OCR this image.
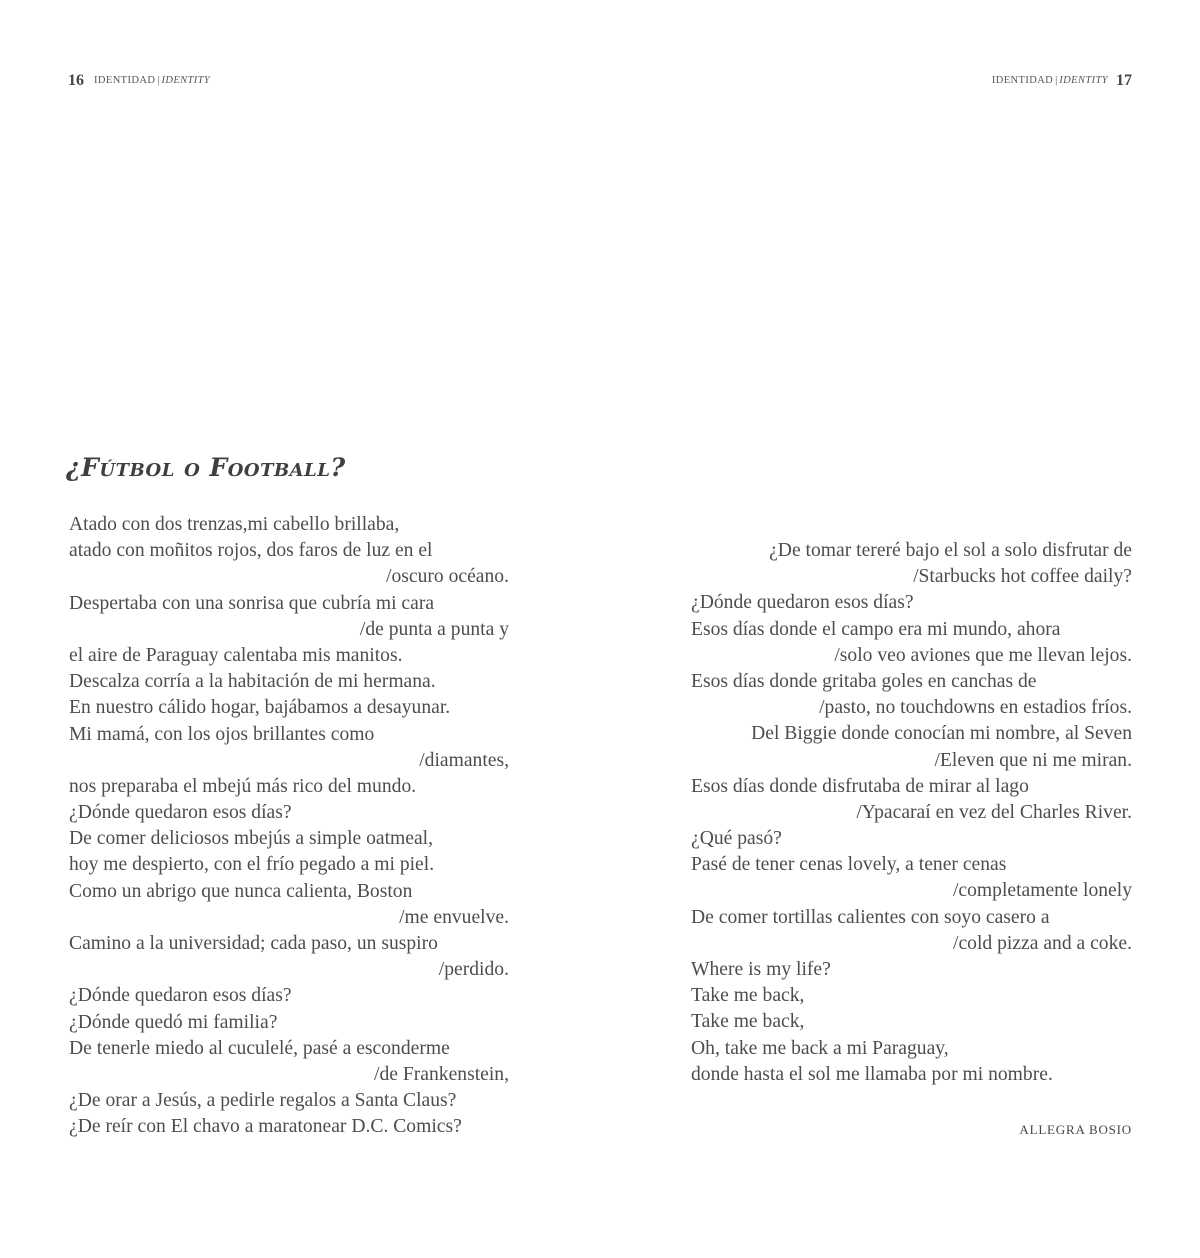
16 IDENTIDAD | IDENTITY
¿Fútbol o Football?
Atado con dos trenzas,mi cabello brillaba,
atado con moñitos rojos, dos faros de luz en el
/oscuro océano.
Despertaba con una sonrisa que cubría mi cara
/de punta a punta y
el aire de Paraguay calentaba mis manitos.
Descalza corría a la habitación de mi hermana.
En nuestro cálido hogar, bajábamos a desayunar.
Mi mamá, con los ojos brillantes como
/diamantes,
nos preparaba el mbejú más rico del mundo.
¿Dónde quedaron esos días?
De comer deliciosos mbejús a simple oatmeal,
hoy me despierto, con el frío pegado a mi piel.
Como un abrigo que nunca calienta, Boston
/me envuelve.
Camino a la universidad; cada paso, un suspiro
/perdido.
¿Dónde quedaron esos días?
¿Dónde quedó mi familia?
De tenerle miedo al cuculelé, pasé a esconderme
/de Frankenstein,
¿De orar a Jesús, a pedirle regalos a Santa Claus?
¿De reír con El chavo a maratonear D.C. Comics?
IDENTIDAD | IDENTITY 17
¿De tomar tereré bajo el sol a solo disfrutar de
/Starbucks hot coffee daily?
¿Dónde quedaron esos días?
Esos días donde el campo era mi mundo, ahora
/solo veo aviones que me llevan lejos.
Esos días donde gritaba goles en canchas de
/pasto, no touchdowns en estadios fríos.
Del Biggie donde conocían mi nombre, al Seven
/Eleven que ni me miran.
Esos días donde disfrutaba de mirar al lago
/Ypacaraí en vez del Charles River.
¿Qué pasó?
Pasé de tener cenas lovely, a tener cenas
/completamente lonely
De comer tortillas calientes con soyo casero a
/cold pizza and a coke.
Where is my life?
Take me back,
Take me back,
Oh, take me back a mi Paraguay,
donde hasta el sol me llamaba por mi nombre.
ALLEGRA BOSIO
